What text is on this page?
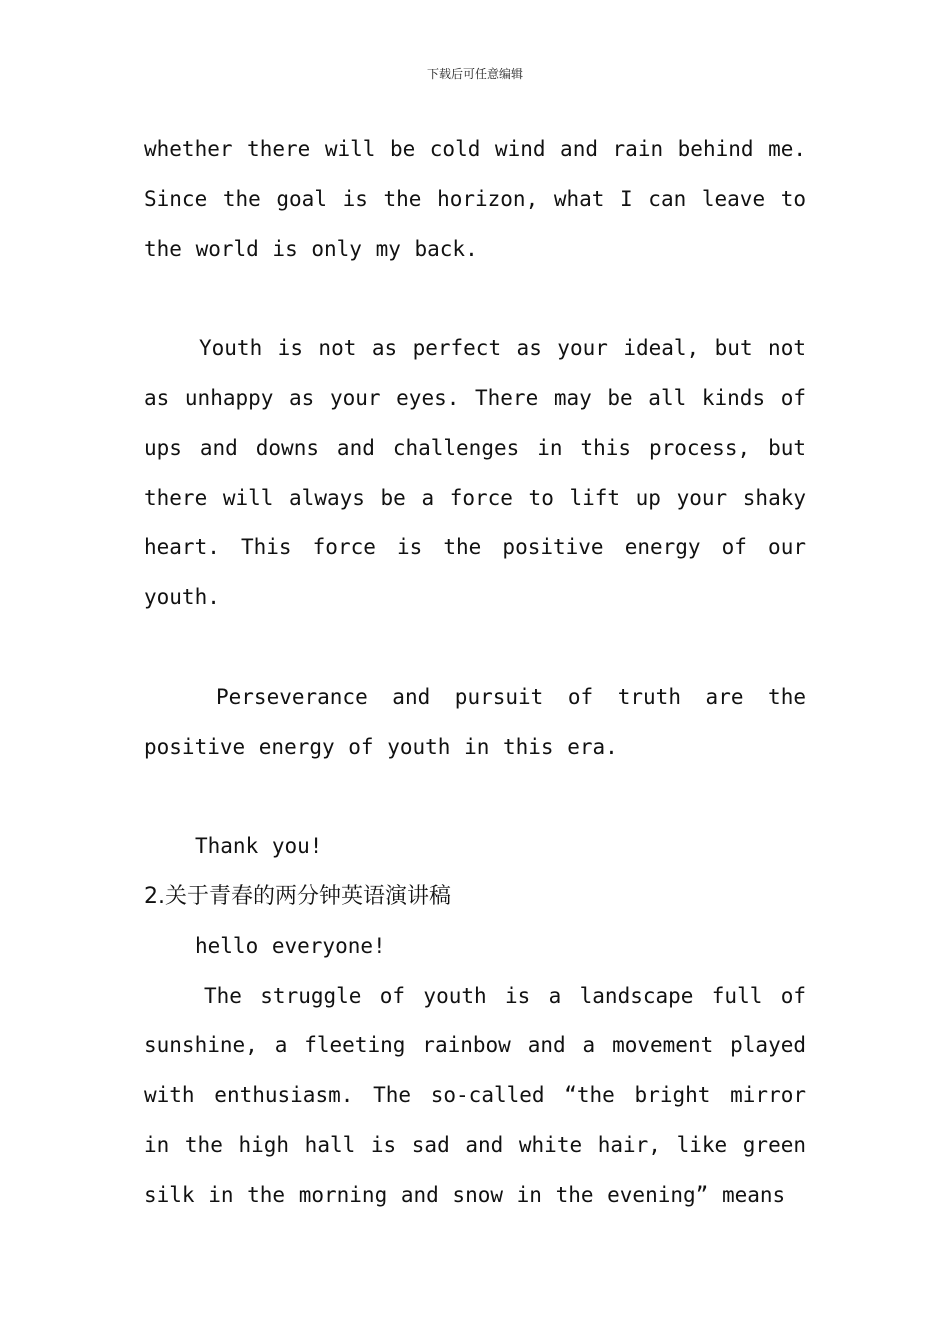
下载后可任意编辑

whether there will be cold wind and rain behind me. Since the goal is the horizon, what I can leave to the world is only my back.

Youth is not as perfect as your ideal, but not as unhappy as your eyes. There may be all kinds of ups and downs and challenges in this process, but there will always be a force to lift up your shaky heart. This force is the positive energy of our youth.

Perseverance and pursuit of truth are the positive energy of youth in this era.

Thank you!

2.关于青春的两分钟英语演讲稿

hello everyone!

The struggle of youth is a landscape full of sunshine, a fleeting rainbow and a movement played with enthusiasm. The so-called “the bright mirror in the high hall is sad and white hair, like green silk in the morning and snow in the evening” means
